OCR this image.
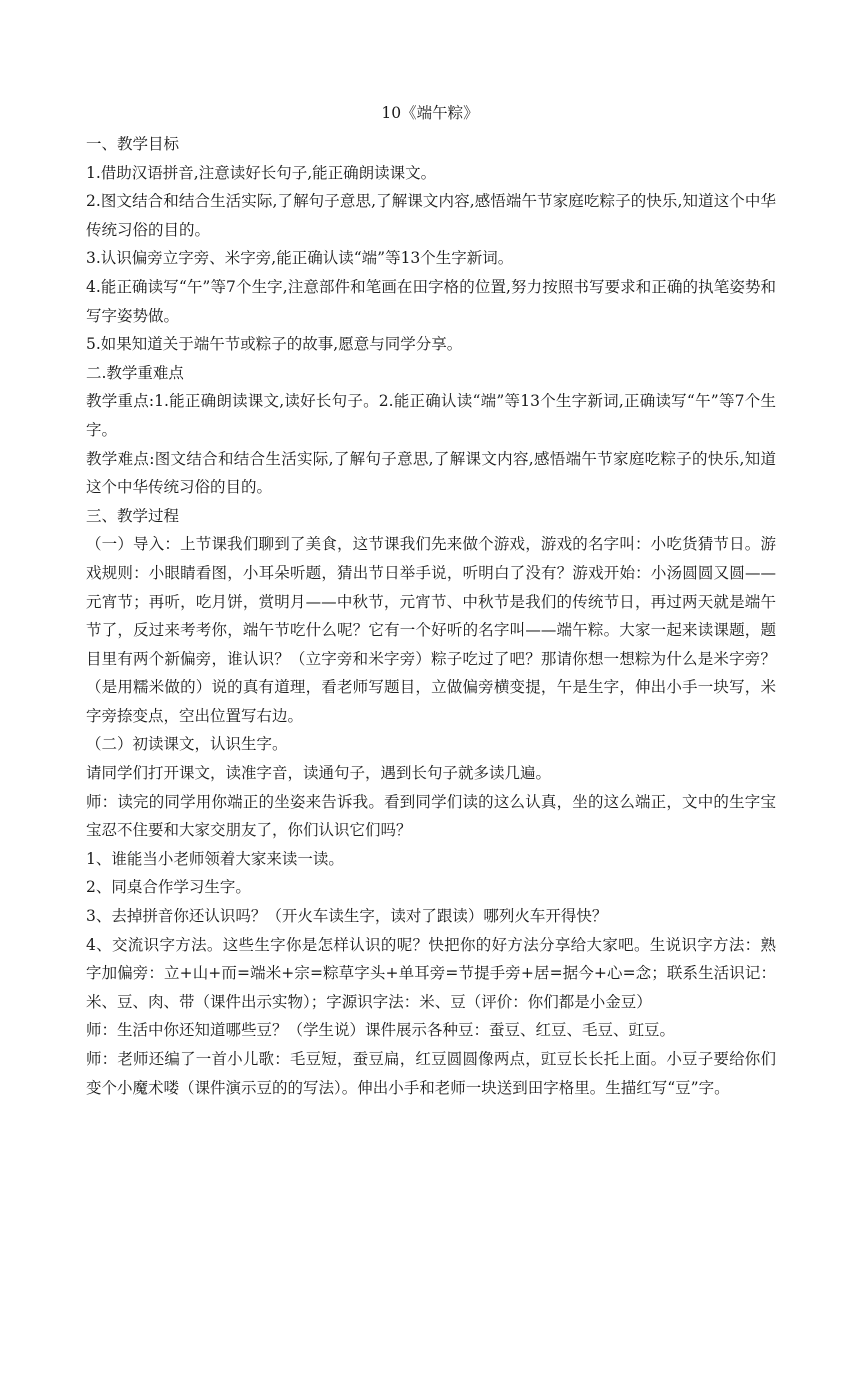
10《端午粽》

一、教学目标

1.借助汉语拼音,注意读好长句子,能正确朗读课文。

2.图文结合和结合生活实际,了解句子意思,了解课文内容,感悟端午节家庭吃粽子的快乐,知道这个中华传统习俗的目的。

3.认识偏旁立字旁、米字旁,能正确认读“端”等13个生字新词。

4.能正确读写“午”等7个生字,注意部件和笔画在田字格的位置,努力按照书写要求和正确的执笔姿势和写字姿势做。

5.如果知道关于端午节或粽子的故事,愿意与同学分享。

二.教学重难点

教学重点:1.能正确朗读课文,读好长句子。2.能正确认读“端”等13个生字新词,正确读写“午”等7个生字。

教学难点:图文结合和结合生活实际,了解句子意思,了解课文内容,感悟端午节家庭吃粽子的快乐,知道这个中华传统习俗的目的。

三、教学过程

（一）导入：上节课我们聊到了美食，这节课我们先来做个游戏，游戏的名字叫：小吃货猜节日。游戏规则：小眼睛看图，小耳朵听题，猜出节日举手说，听明白了没有？游戏开始：小汤圆圆又圆——元宵节；再听，吃月饼，赏明月——中秋节，元宵节、中秋节是我们的传统节日，再过两天就是端午节了，反过来考考你，端午节吃什么呢？它有一个好听的名字叫——端午粽。大家一起来读课题，题目里有两个新偏旁，谁认识？（立字旁和米字旁）粽子吃过了吧？那请你想一想粽为什么是米字旁？（是用糯米做的）说的真有道理，看老师写题目，立做偏旁横变提，午是生字，伸出小手一块写，米字旁捺变点，空出位置写右边。

（二）初读课文，认识生字。

请同学们打开课文，读准字音，读通句子，遇到长句子就多读几遍。

师：读完的同学用你端正的坐姿来告诉我。看到同学们读的这么认真，坐的这么端正，文中的生字宝宝忍不住要和大家交朋友了，你们认识它们吗？

1、谁能当小老师领着大家来读一读。

2、同桌合作学习生字。

3、去掉拼音你还认识吗？（开火车读生字，读对了跟读）哪列火车开得快？

4、交流识字方法。这些生字你是怎样认识的呢？快把你的好方法分享给大家吧。生说识字方法：熟字加偏旁：立+山+而=端米+宗=粽草字头+单耳旁=节提手旁+居=据今+心=念；联系生活识记：米、豆、肉、带（课件出示实物）；字源识字法：米、豆（评价：你们都是小金豆）

师：生活中你还知道哪些豆？（学生说）课件展示各种豆：蚕豆、红豆、毛豆、豇豆。

师：老师还编了一首小儿歌：毛豆短，蚕豆扁，红豆圆圆像两点，豇豆长长托上面。小豆子要给你们变个小魔术喽（课件演示豆的的写法）。伸出小手和老师一块送到田字格里。生描红写“豆”字。
